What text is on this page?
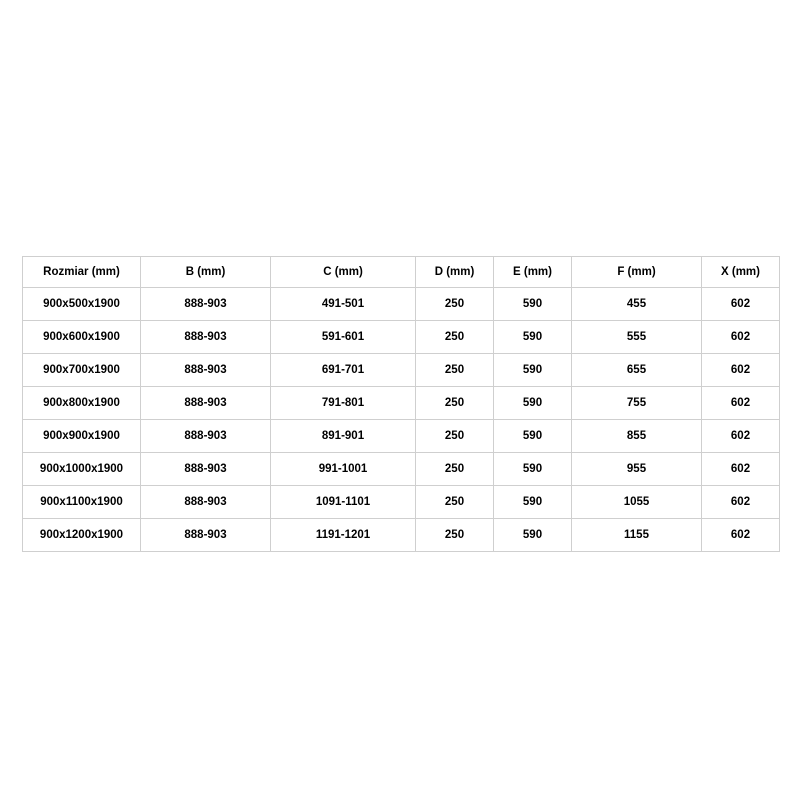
Rozmiar (mm)	B (mm)	C (mm)	D (mm)	E (mm)	F (mm)	X (mm)
900x500x1900	888-903	491-501	250	590	455	602
900x600x1900	888-903	591-601	250	590	555	602
900x700x1900	888-903	691-701	250	590	655	602
900x800x1900	888-903	791-801	250	590	755	602
900x900x1900	888-903	891-901	250	590	855	602
900x1000x1900	888-903	991-1001	250	590	955	602
900x1100x1900	888-903	1091-1101	250	590	1055	602
900x1200x1900	888-903	1191-1201	250	590	1155	602
